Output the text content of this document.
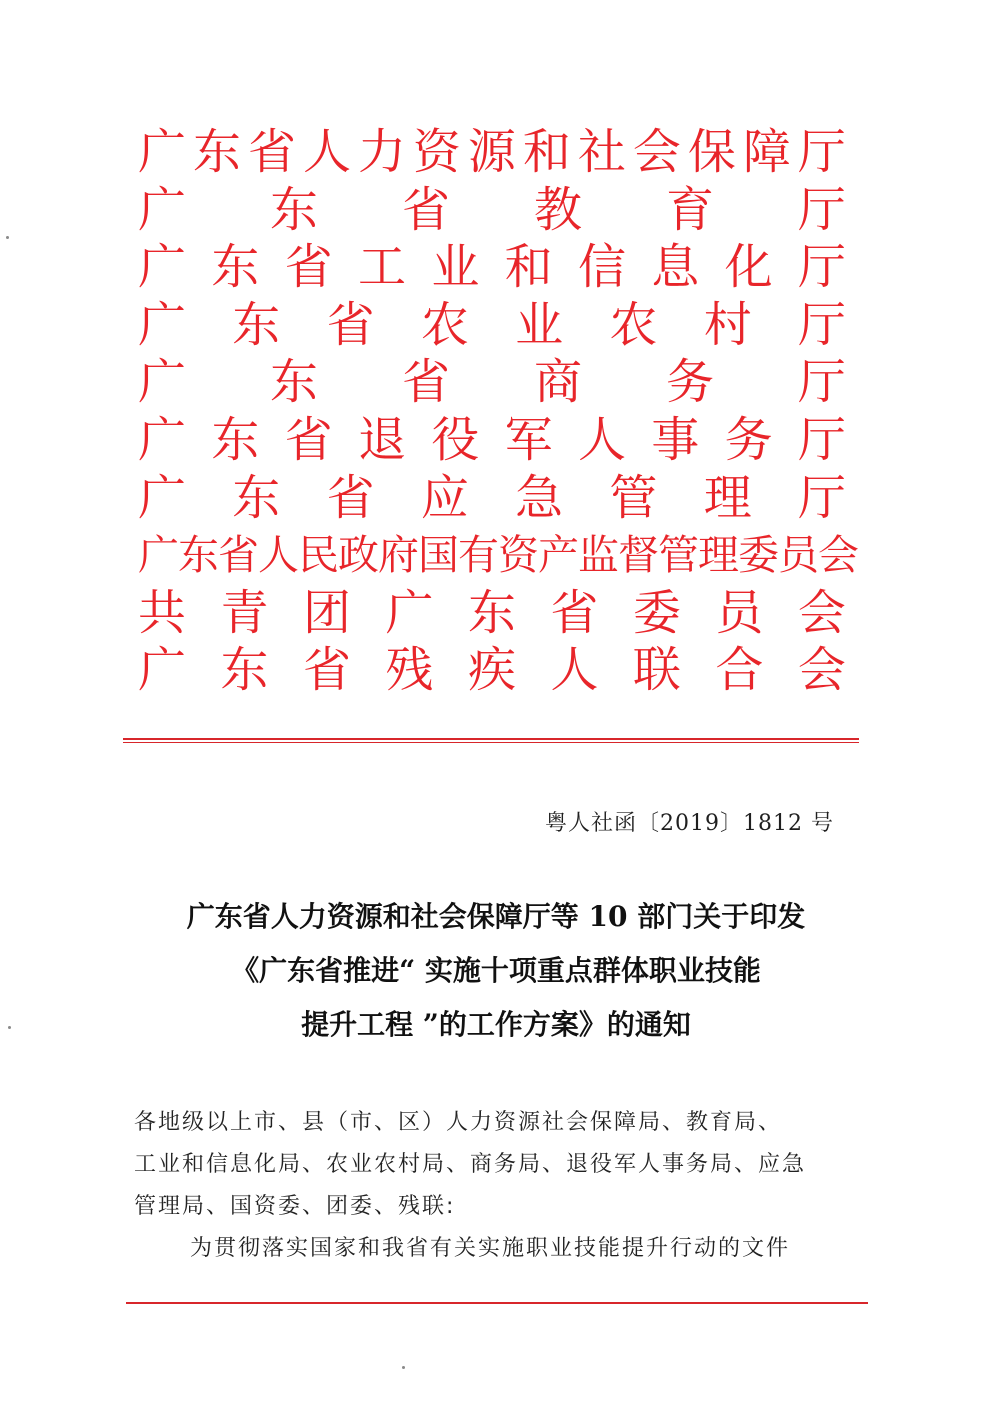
广 东 省 人 力 资 源 和 社 会 保 障 厅
广 东 省 教 育 厅
广 东 省 工 业 和 信 息 化 厅
广 东 省 农 业 农 村 厅
广 东 省 商 务 厅
广 东 省 退 役 军 人 事 务 厅
广 东 省 应 急 管 理 厅
广 东 省 人 民 政 府 国 有 资 产 监 督 管 理 委 员 会
共 青 团 广 东 省 委 员 会
广 东 省 残 疾 人 联 合 会
粤人社函〔2019〕1812 号
广东省人力资源和社会保障厅等 10 部门关于印发
《广东省推进“ 实施十项重点群体职业技能
提升工程 ”的工作方案》的通知
各地级以上市、县（市、区）人力资源社会保障局、教育局、
工业和信息化局、农业农村局、商务局、退役军人事务局、应急
管理局、国资委、团委、残联:
为贯彻落实国家和我省有关实施职业技能提升行动的文件
